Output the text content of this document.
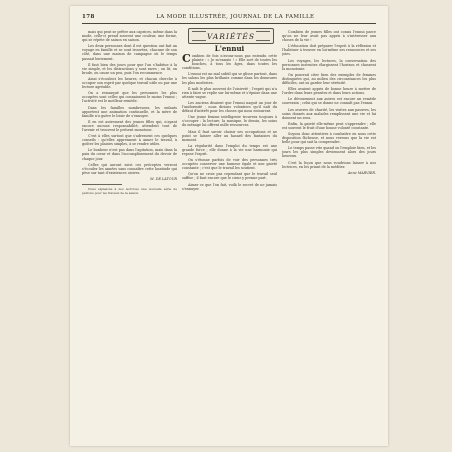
178	LA MODE ILLUSTRÉE, JOURNAL DE LA FAMILLE

mais qui peut se prêter aux caprices, même dans la mode, celle-ci prend souvent une couleur, une forme, qui se répète de saison en saison.

Les deux personnes dont il est question ont fait un voyage en famille et se sont trouvées, chacune de son côté, dans une maison de campagne où le temps passait lentement.

Il faut bien des jours pour que l'on s'habitue à la vie simple, et les distractions y sont rares ; on lit, on brode, on cause un peu, puis l'on recommence.

Ainsi s'écoulent les heures, et chacun cherche à occuper son esprit par quelque travail utile ou par une lecture agréable.

On a remarqué que les personnes les plus occupées sont celles qui connaissent le moins l'ennui ; l'activité est le meilleur remède.

Dans les familles nombreuses, les enfants apportent une animation continuelle, et la mère de famille n'a guère le loisir de s'ennuyer.

Il en est autrement des jeunes filles qui, n'ayant encore aucune responsabilité, attendent tout de l'avenir et trouvent le présent monotone.

C'est à elles surtout que s'adressent ces quelques conseils : qu'elles apprennent à aimer le travail, à goûter les plaisirs simples, à se rendre utiles.

Le bonheur n'est pas dans l'agitation, mais dans la paix du cœur et dans l'accomplissement du devoir de chaque jour.

Celles qui auront suivi ces préceptes verront s'écouler les années sans connaître cette lassitude qui pèse sur tant d'existences oisives.

M. DE LATOUR

Nous signalons à nos lectrices une nouvelle série de patrons pour les travaux de la saison.

VARIÉTÉS
L'ennui

Combien de fois n'avons-nous pas entendu cette plainte : « Je m'ennuie ! » Elle sort de toutes les bouches, à tous les âges, dans toutes les conditions.

L'ennui est un mal subtil qui se glisse partout, dans les salons les plus brillants comme dans les demeures les plus modestes.

Il naît le plus souvent de l'oisiveté ; l'esprit qui n'a rien à faire se replie sur lui-même et s'épuise dans une attente vague.

Les anciens disaient que l'ennui naquit un jour de l'uniformité ; nous dirions volontiers qu'il naît du défaut d'intérêt pour les choses qui nous entourent.

Une jeune femme intelligente trouvera toujours à s'occuper : la lecture, la musique, le dessin, les soins du ménage lui offrent mille ressources.

Mais il faut savoir choisir ses occupations et ne point se laisser aller au hasard des fantaisies du moment.

La régularité dans l'emploi du temps est une grande force ; elle donne à la vie une harmonie qui repose l'esprit.

On s'étonne parfois de voir des personnes très occupées conserver une humeur égale et une gaieté constante ; c'est que le travail les soutient.

Qu'on ne croie pas cependant que le travail seul suffise ; il faut encore que le cœur y prenne part.

Aimer ce que l'on fait, voilà le secret de ne jamais s'ennuyer.

Combien de jeunes filles ont connu l'ennui parce qu'on ne leur avait pas appris à s'intéresser aux choses de la vie !

L'éducation doit préparer l'esprit à la réflexion et l'habituer à trouver en lui-même ses ressources et ses joies.

Les voyages, les lectures, la conversation des personnes instruites élargissent l'horizon et chassent la monotonie.

On pourrait citer bien des exemples de femmes distinguées qui, au milieu des circonstances les plus difficiles, ont su garder leur sérénité.

Elles avaient appris de bonne heure à mettre de l'ordre dans leurs pensées et dans leurs actions.

Le dévouement aux autres est encore un remède souverain ; celui qui se donne ne connaît pas l'ennui.

Les œuvres de charité, les visites aux pauvres, les soins donnés aux malades remplissent une vie et lui donnent un sens.

Enfin, la gaieté elle-même peut s'apprendre ; elle est souvent le fruit d'une bonne volonté constante.

Soyons donc attentives à combattre en nous cette disposition fâcheuse, et nous verrons que la vie est belle pour qui sait la comprendre.

Le temps passe vite quand on l'emploie bien, et les jours les plus simples deviennent alors des jours heureux.

C'est la leçon que nous voudrions laisser à nos lectrices, en les priant de la méditer.

Anne MARVIER.
